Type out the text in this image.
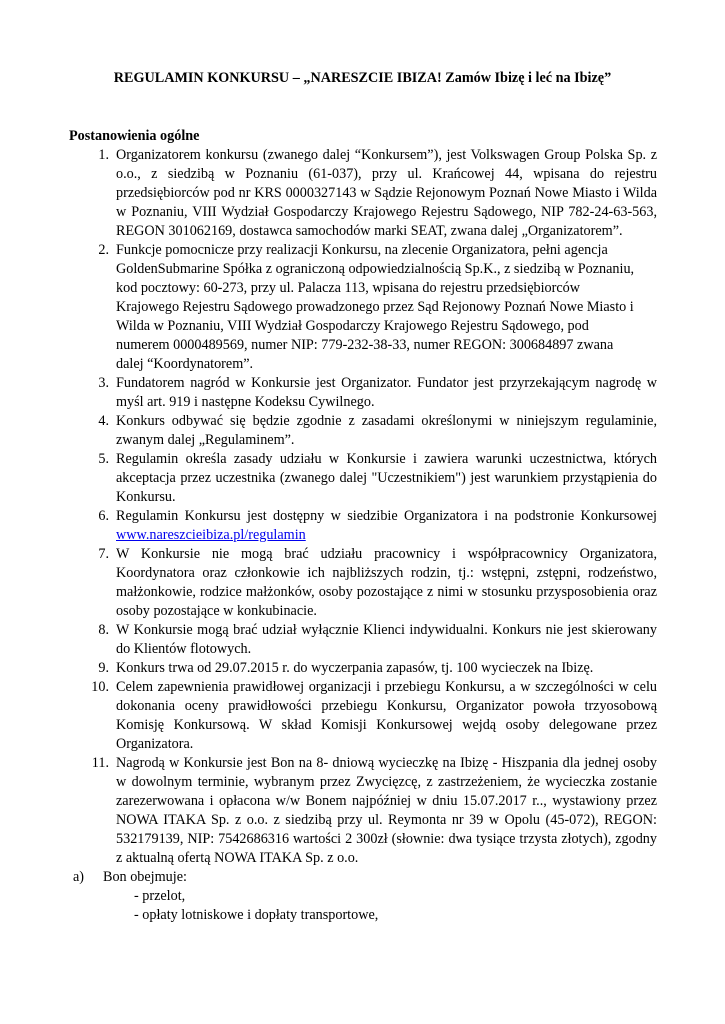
REGULAMIN KONKURSU – „NARESZCIE IBIZA! Zamów Ibizę i leć na Ibizę”
Postanowienia ogólne
1. Organizatorem konkursu (zwanego dalej “Konkursem”), jest Volkswagen Group Polska Sp. z o.o., z siedzibą w Poznaniu (61-037), przy ul. Krańcowej 44, wpisana do rejestru przedsiębiorców pod nr KRS 0000327143 w Sądzie Rejonowym Poznań Nowe Miasto i Wilda w Poznaniu, VIII Wydział Gospodarczy Krajowego Rejestru Sądowego, NIP 782-24-63-563, REGON 301062169, dostawca samochodów marki SEAT, zwana dalej „Organizatorem”.
2. Funkcje pomocnicze przy realizacji Konkursu, na zlecenie Organizatora, pełni agencja
GoldenSubmarine Spółka z ograniczoną odpowiedzialnością Sp.K., z siedzibą w Poznaniu,
kod pocztowy: 60-273, przy ul. Palacza 113, wpisana do rejestru przedsiębiorców
Krajowego Rejestru Sądowego prowadzonego przez Sąd Rejonowy Poznań Nowe Miasto i
Wilda w Poznaniu, VIII Wydział Gospodarczy Krajowego Rejestru Sądowego, pod
numerem 0000489569, numer NIP: 779-232-38-33, numer REGON: 300684897 zwana
dalej “Koordynatorem”.
3. Fundatorem nagród w Konkursie jest Organizator. Fundator jest przyrzekającym nagrodę w myśl art. 919 i następne Kodeksu Cywilnego.
4. Konkurs odbywać się będzie zgodnie z zasadami określonymi w niniejszym regulaminie, zwanym dalej „Regulaminem”.
5. Regulamin określa zasady udziału w Konkursie i zawiera warunki uczestnictwa, których akceptacja przez uczestnika (zwanego dalej "Uczestnikiem") jest warunkiem przystąpienia do Konkursu.
6. Regulamin Konkursu jest dostępny w siedzibie Organizatora i na podstronie Konkursowej www.nareszcieibiza.pl/regulamin
7. W Konkursie nie mogą brać udziału pracownicy i współpracownicy Organizatora, Koordynatora oraz członkowie ich najbliższych rodzin, tj.: wstępni, zstępni, rodzeństwo, małżonkowie, rodzice małżonków, osoby pozostające z nimi w stosunku przysposobienia oraz osoby pozostające w konkubinacie.
8. W Konkursie mogą brać udział wyłącznie Klienci indywidualni. Konkurs nie jest skierowany do Klientów flotowych.
9. Konkurs trwa od 29.07.2015 r. do wyczerpania zapasów, tj. 100 wycieczek na Ibizę.
10. Celem zapewnienia prawidłowej organizacji i przebiegu Konkursu, a w szczególności w celu dokonania oceny prawidłowości przebiegu Konkursu, Organizator powoła trzyosobową Komisję Konkursową. W skład Komisji Konkursowej wejdą osoby delegowane przez Organizatora.
11. Nagrodą w Konkursie jest Bon na 8- dniową wycieczkę na Ibizę - Hiszpania dla jednej osoby w dowolnym terminie, wybranym przez Zwycięzcę, z zastrzeżeniem, że wycieczka zostanie zarezerwowana i opłacona w/w Bonem najpóźniej w dniu 15.07.2017 r.., wystawiony przez NOWA ITAKA Sp. z o.o. z siedzibą przy ul. Reymonta nr 39 w Opolu (45-072), REGON: 532179139, NIP: 7542686316 wartości 2 300zł (słownie: dwa tysiące trzysta złotych), zgodny z aktualną ofertą NOWA ITAKA Sp. z o.o.
a) Bon obejmuje:
- przelot,
- opłaty lotniskowe i dopłaty transportowe,
